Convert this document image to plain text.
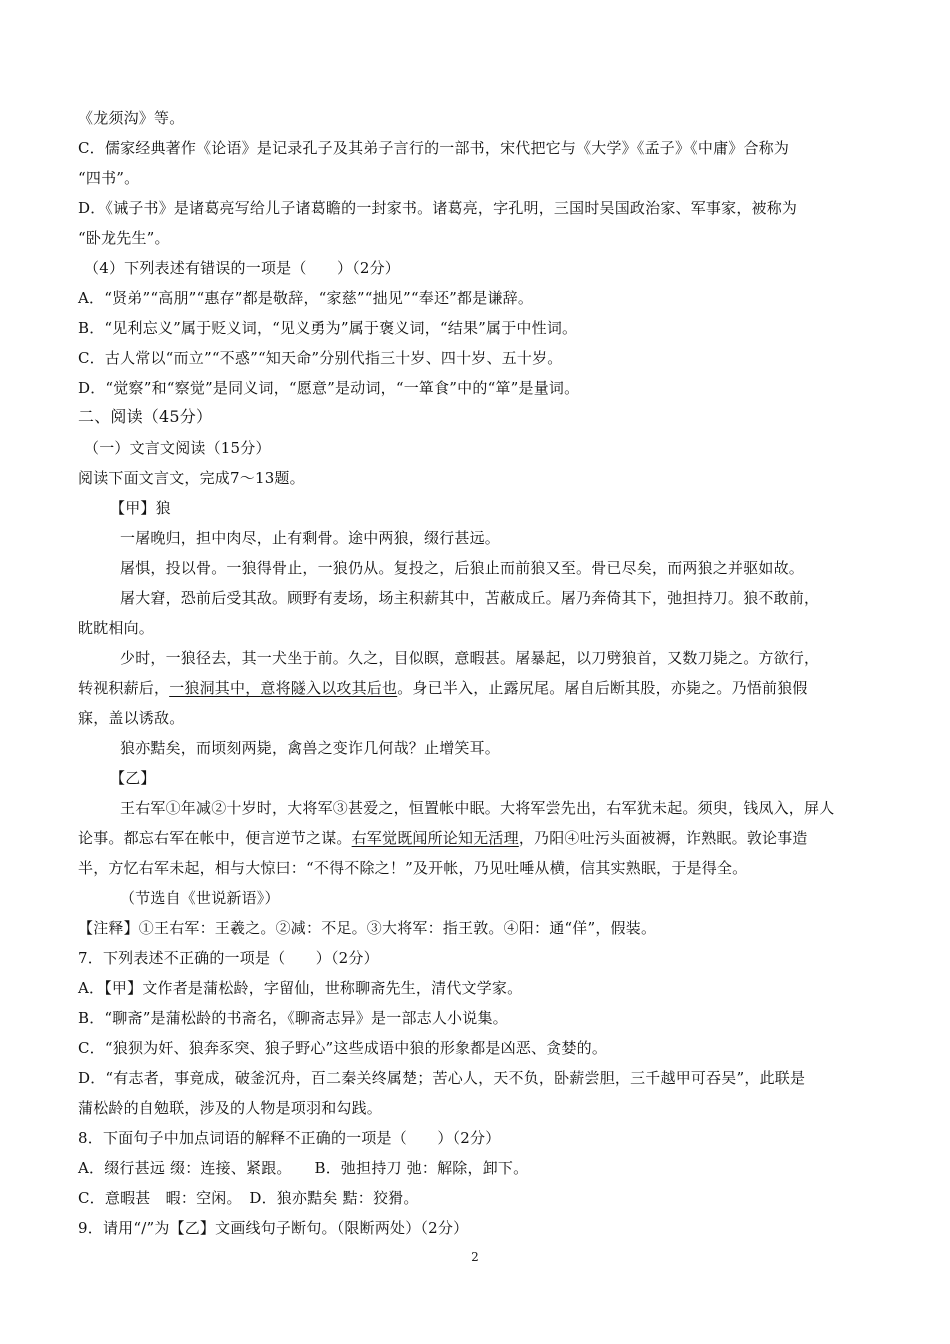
《龙须沟》等。
C．儒家经典著作《论语》是记录孔子及其弟子言行的一部书，宋代把它与《大学》《孟子》《中庸》合称为
“四书”。
D．《诫子书》是诸葛亮写给儿子诸葛瞻的一封家书。诸葛亮，字孔明，三国时吴国政治家、军事家，被称为
“卧龙先生”。
（4）下列表述有错误的一项是（　　）（2分）
A．“贤弟”“高朋”“惠存”都是敬辞，“家慈”“拙见”“奉还”都是谦辞。
B．“见利忘义”属于贬义词，“见义勇为”属于褒义词，“结果”属于中性词。
C．古人常以“而立”“不惑”“知天命”分别代指三十岁、四十岁、五十岁。
D．“觉察”和“察觉”是同义词，“愿意”是动词，“一箪食”中的“箪”是量词。
二、阅读（45分）
（一）文言文阅读（15分）
阅读下面文言文，完成7～13题。
【甲】狼
一屠晚归，担中肉尽，止有剩骨。途中两狼，缀行甚远。
屠惧，投以骨。一狼得骨止，一狼仍从。复投之，后狼止而前狼又至。骨已尽矣，而两狼之并驱如故。
屠大窘，恐前后受其敌。顾野有麦场，场主积薪其中，苫蔽成丘。屠乃奔倚其下，弛担持刀。狼不敢前，
眈眈相向。
少时，一狼径去，其一犬坐于前。久之，目似瞑，意暇甚。屠暴起，以刀劈狼首，又数刀毙之。方欲行，
转视积薪后，一狼洞其中，意将隧入以攻其后也。身已半入，止露尻尾。屠自后断其股，亦毙之。乃悟前狼假
寐，盖以诱敌。
狼亦黠矣，而顷刻两毙，禽兽之变诈几何哉？止增笑耳。
【乙】
王右军①年减②十岁时，大将军③甚爱之，恒置帐中眠。大将军尝先出，右军犹未起。须臾，钱凤入，屏人
论事。都忘右军在帐中，便言逆节之谋。右军觉既闻所论知无活理，乃阳④吐污头面被褥，诈熟眠。敦论事造
半，方忆右军未起，相与大惊曰：“不得不除之！”及开帐，乃见吐唾从横，信其实熟眠，于是得全。
（节选自《世说新语》）
【注释】①王右军：王羲之。②减：不足。③大将军：指王敦。④阳：通“佯”，假装。
7．下列表述不正确的一项是（　　）（2分）
A．【甲】文作者是蒲松龄，字留仙，世称聊斋先生，清代文学家。
B．“聊斋”是蒲松龄的书斋名，《聊斋志异》是一部志人小说集。
C．“狼狈为奸、狼奔豕突、狼子野心”这些成语中狼的形象都是凶恶、贪婪的。
D．“有志者，事竟成，破釜沉舟，百二秦关终属楚；苦心人，天不负，卧薪尝胆，三千越甲可吞吴”，此联是
蒲松龄的自勉联，涉及的人物是项羽和勾践。
8．下面句子中加点词语的解释不正确的一项是（　　）（2分）
A．缀行甚远 缀：连接、紧跟。　　B．弛担持刀 弛：解除，卸下。
C．意暇甚　暇：空闲。　D．狼亦黠矣 黠：狡猾。
9．请用“/”为【乙】文画线句子断句。（限断两处）（2分）
2
